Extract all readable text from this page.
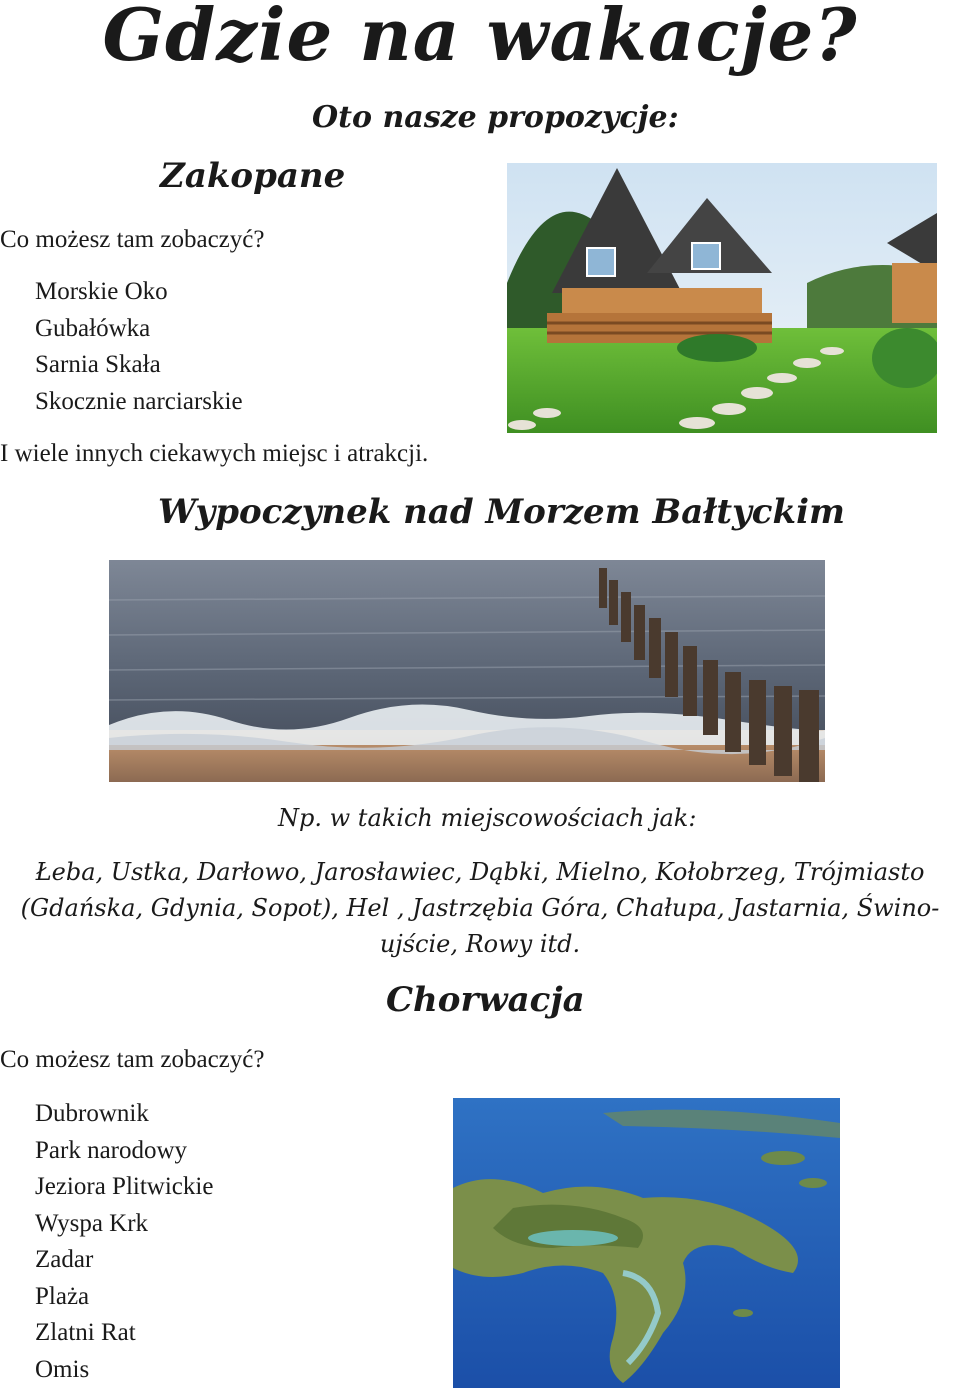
Gdzie na wakacje?
Oto nasze propozycje:
Zakopane
Co możesz tam zobaczyć?
Morskie Oko
Gubałówka
Sarnia Skała
Skocznie narciarskie
I wiele innych ciekawych miejsc i atrakcji.
Wypoczynek nad Morzem Bałtyckim
Np. w takich miejscowościach jak:
Łeba, Ustka, Darłowo, Jarosławiec, Dąbki, Mielno, Kołobrzeg, Trójmiasto
(Gdańska, Gdynia, Sopot), Hel , Jastrzębia Góra, Chałupa, Jastarnia, Świno-
ujście, Rowy itd.
Chorwacja
Co możesz tam zobaczyć?
Dubrownik
Park narodowy
Jeziora Plitwickie
Wyspa Krk
Zadar
Plaża
Zlatni Rat
Omis
